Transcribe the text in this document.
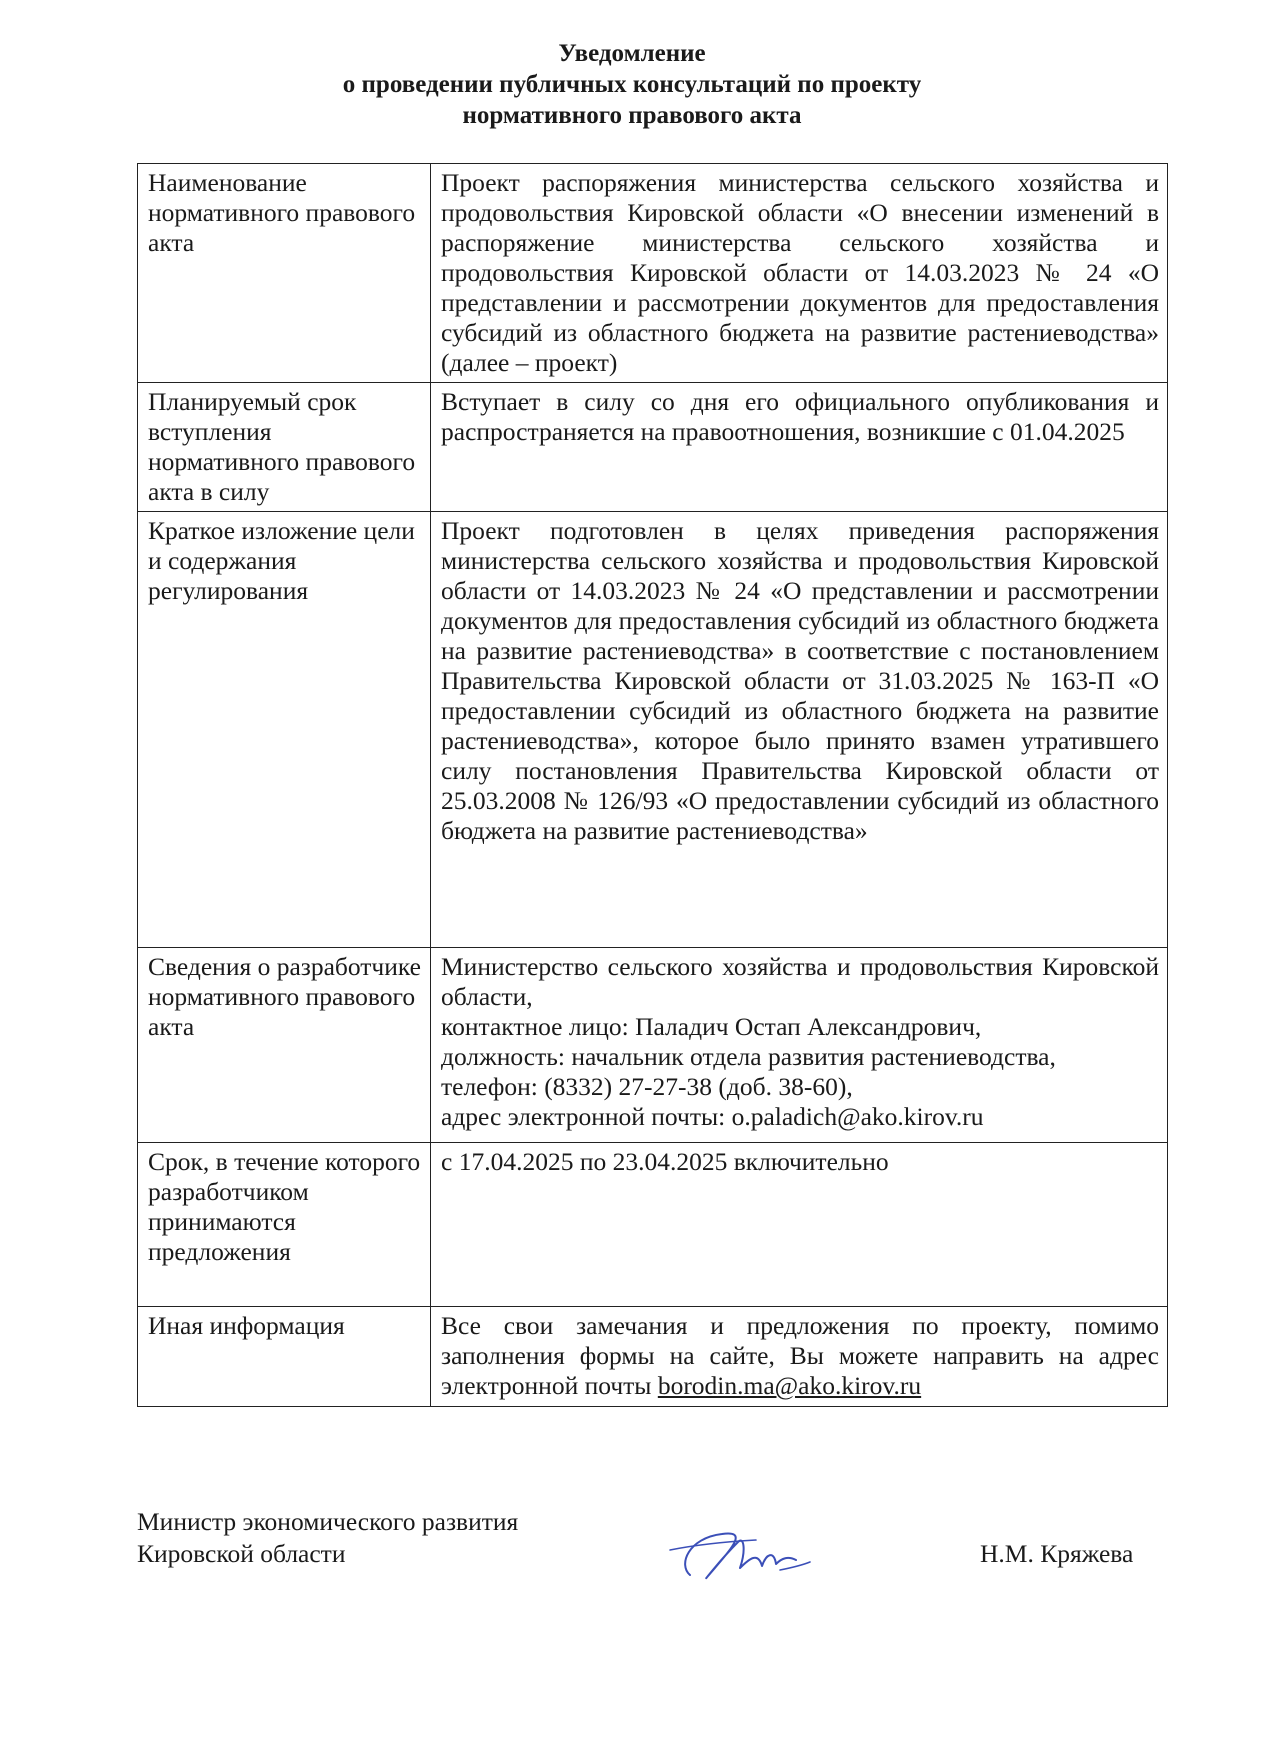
Уведомление
о проведении публичных консультаций по проекту
нормативного правового акта
Наименование нормативного правового акта	Проект распоряжения министерства сельского хозяйства и продовольствия Кировской области «О внесении изменений в распоряжение министерства сельского хозяйства и продовольствия Кировской области от 14.03.2023 № 24 «О представлении и рассмотрении документов для предоставления субсидий из областного бюджета на развитие растениеводства» (далее – проект)
Планируемый срок вступления нормативного правового акта в силу	Вступает в силу со дня его официального опубликования и распространяется на правоотношения, возникшие с 01.04.2025
Краткое изложение цели и содержания регулирования	Проект подготовлен в целях приведения распоряжения министерства сельского хозяйства и продовольствия Кировской области от 14.03.2023 № 24 «О представлении и рассмотрении документов для предоставления субсидий из областного бюджета на развитие растениеводства» в соответствие с постановлением Правительства Кировской области от 31.03.2025 № 163-П «О предоставлении субсидий из областного бюджета на развитие растениеводства», которое было принято взамен утратившего силу постановления Правительства Кировской области от 25.03.2008 № 126/93 «О предоставлении субсидий из областного бюджета на развитие растениеводства»
Сведения о разработчике нормативного правового акта	Министерство сельского хозяйства и продовольствия Кировской области,
контактное лицо: Паладич Остап Александрович,
должность: начальник отдела развития растениеводства,
телефон: (8332) 27-27-38 (доб. 38-60),
адрес электронной почты: o.paladich@ako.kirov.ru

Срок, в течение которого разработчиком принимаются предложения	с 17.04.2025 по 23.04.2025 включительно
Иная информация	Все свои замечания и предложения по проекту, помимо заполнения формы на сайте, Вы можете направить на адрес электронной почты borodin.ma@ako.kirov.ru
Министр экономического развития
Кировской области	Н.М. Кряжева
